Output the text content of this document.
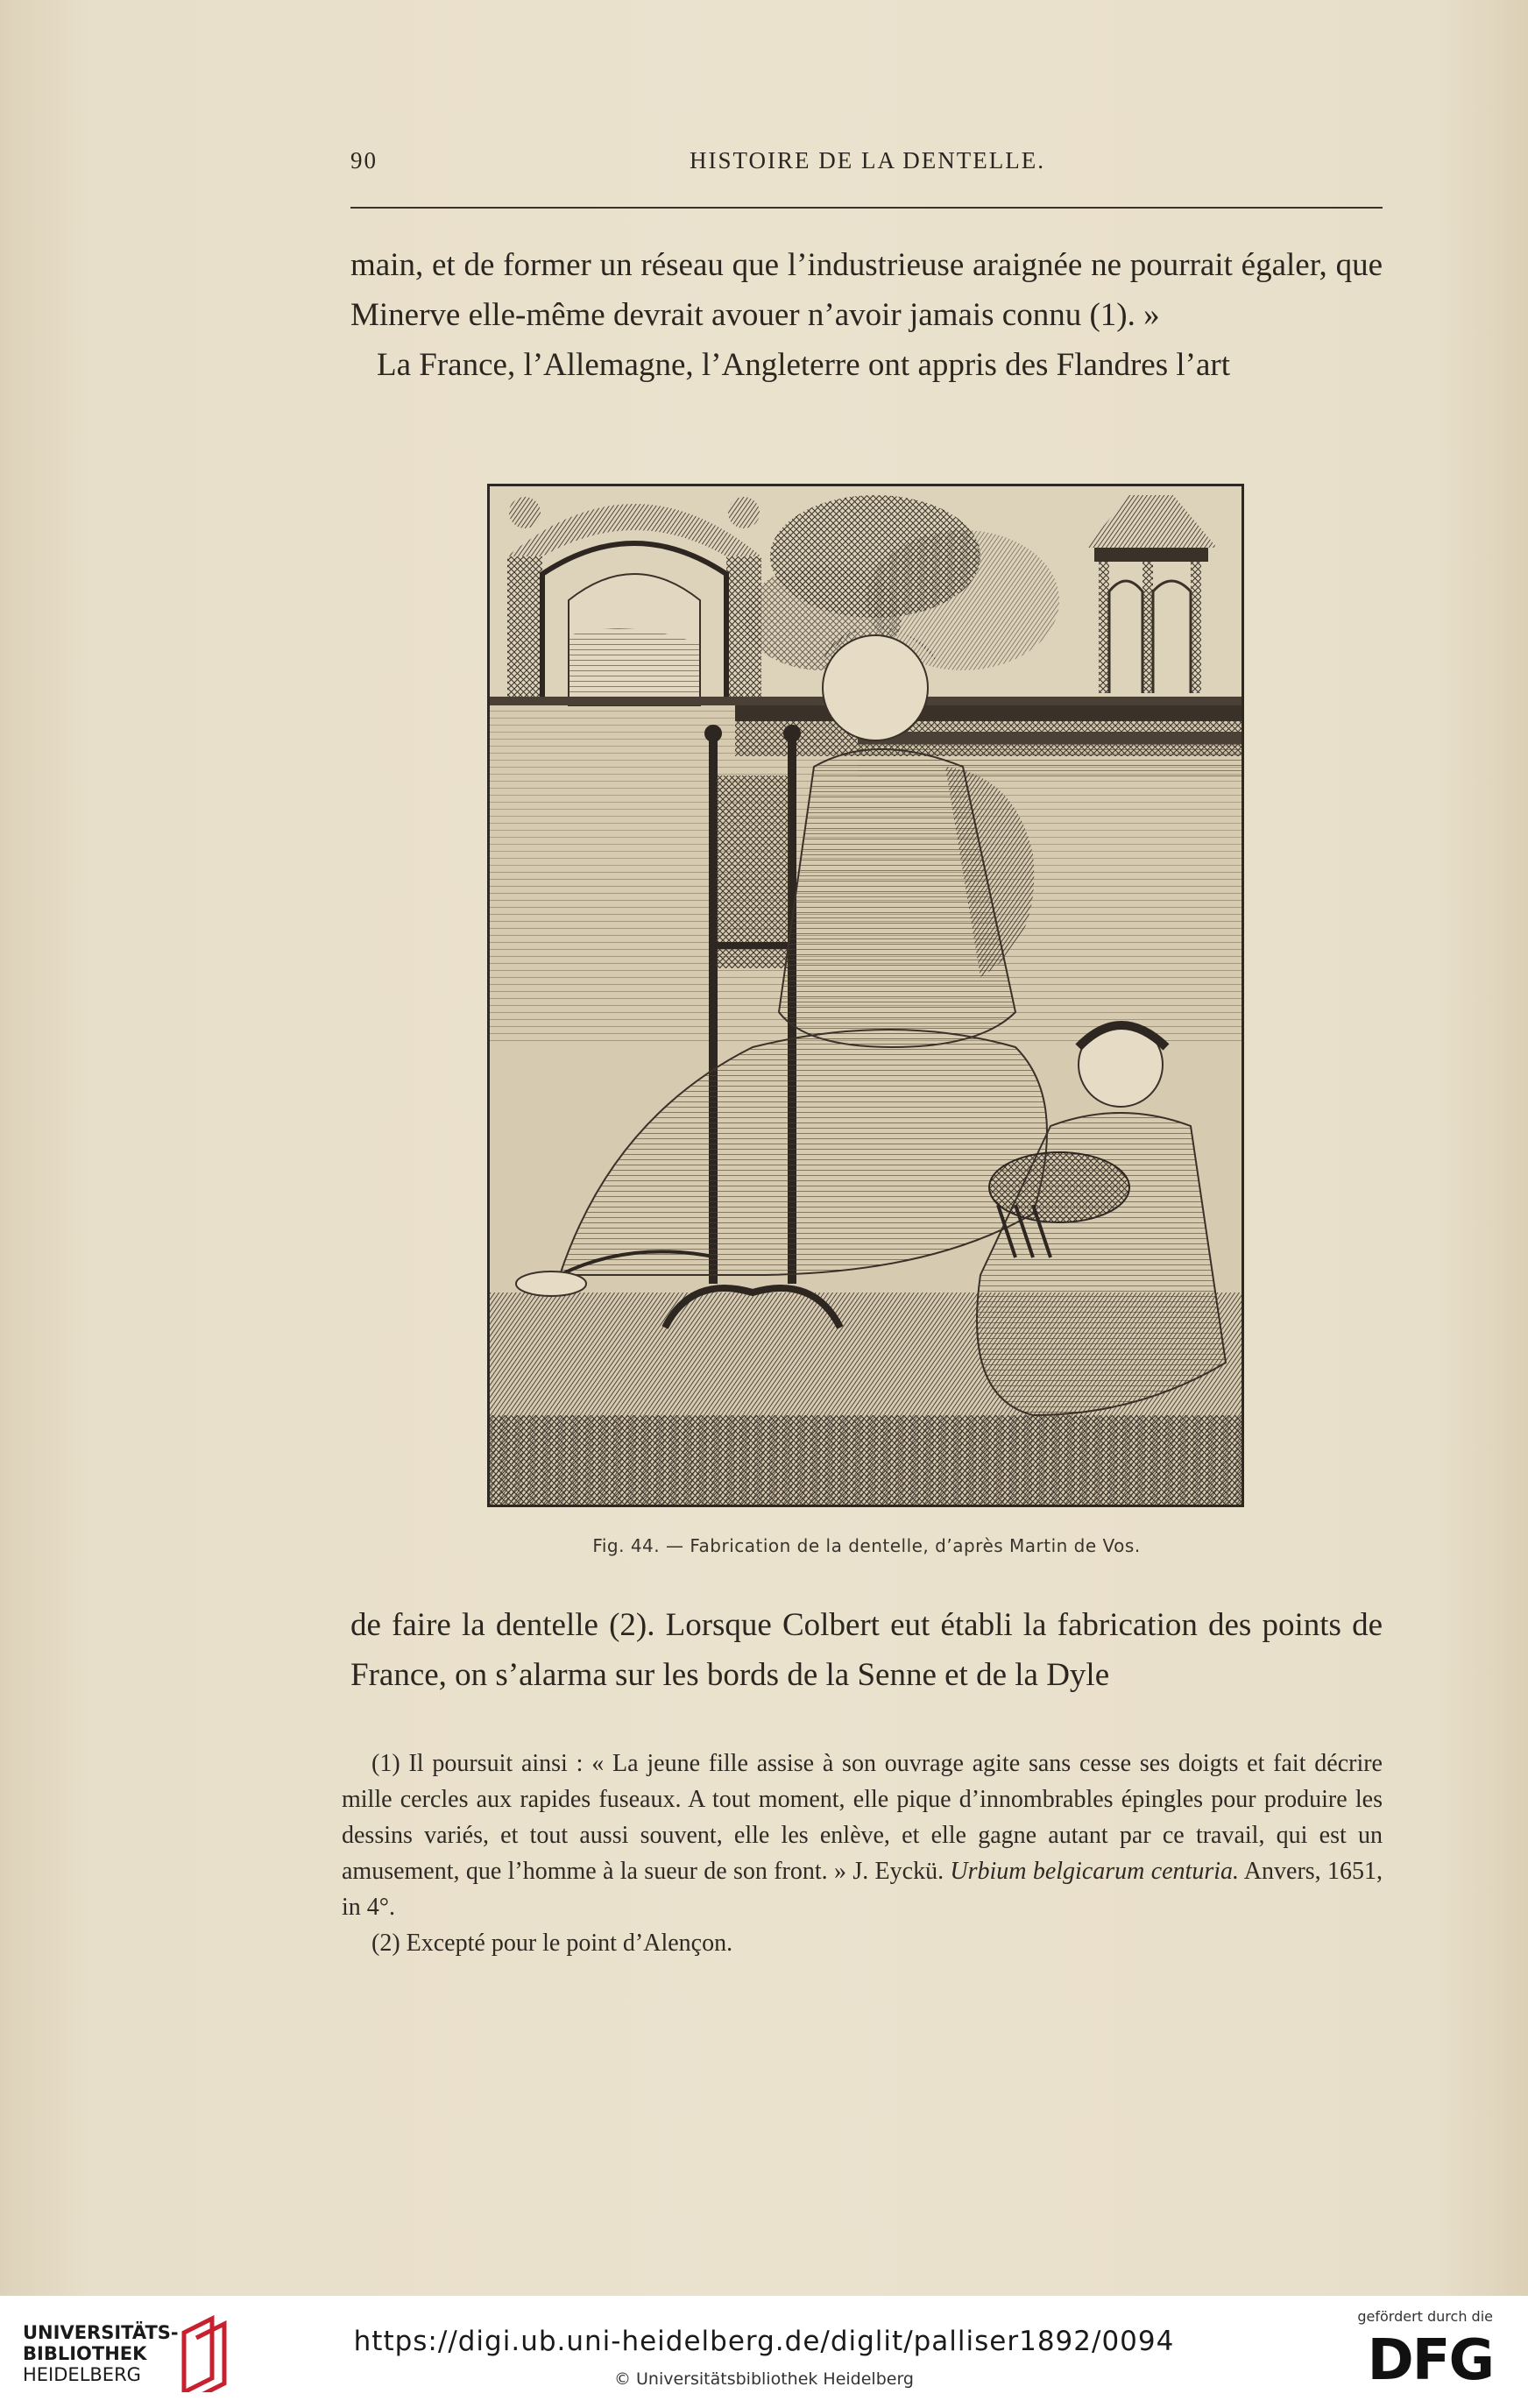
90	HISTOIRE DE LA DENTELLE.

main, et de former un réseau que l’industrieuse araignée ne pourrait égaler, que Minerve elle-même devrait avouer n’avoir jamais connu (1). »

La France, l’Allemagne, l’Angleterre ont appris des Flandres l’art

Fig. 44. — Fabrication de la dentelle, d’après Martin de Vos.

de faire la dentelle (2). Lorsque Colbert eut établi la fabrication des points de France, on s’alarma sur les bords de la Senne et de la Dyle

(1) Il poursuit ainsi : « La jeune fille assise à son ouvrage agite sans cesse ses doigts et fait décrire mille cercles aux rapides fuseaux. A tout moment, elle pique d’innombrables épingles pour produire les dessins variés, et tout aussi souvent, elle les enlève, et elle gagne autant par ce travail, qui est un amusement, que l’homme à la sueur de son front. » J. Eyckü. Urbium belgicarum centuria. Anvers, 1651, in 4°.

(2) Excepté pour le point d’Alençon.

UNIVERSITÄTS-
BIBLIOTHEK
HEIDELBERG
https://digi.ub.uni-heidelberg.de/diglit/palliser1892/0094
© Universitätsbibliothek Heidelberg
gefördert durch die
DFG
